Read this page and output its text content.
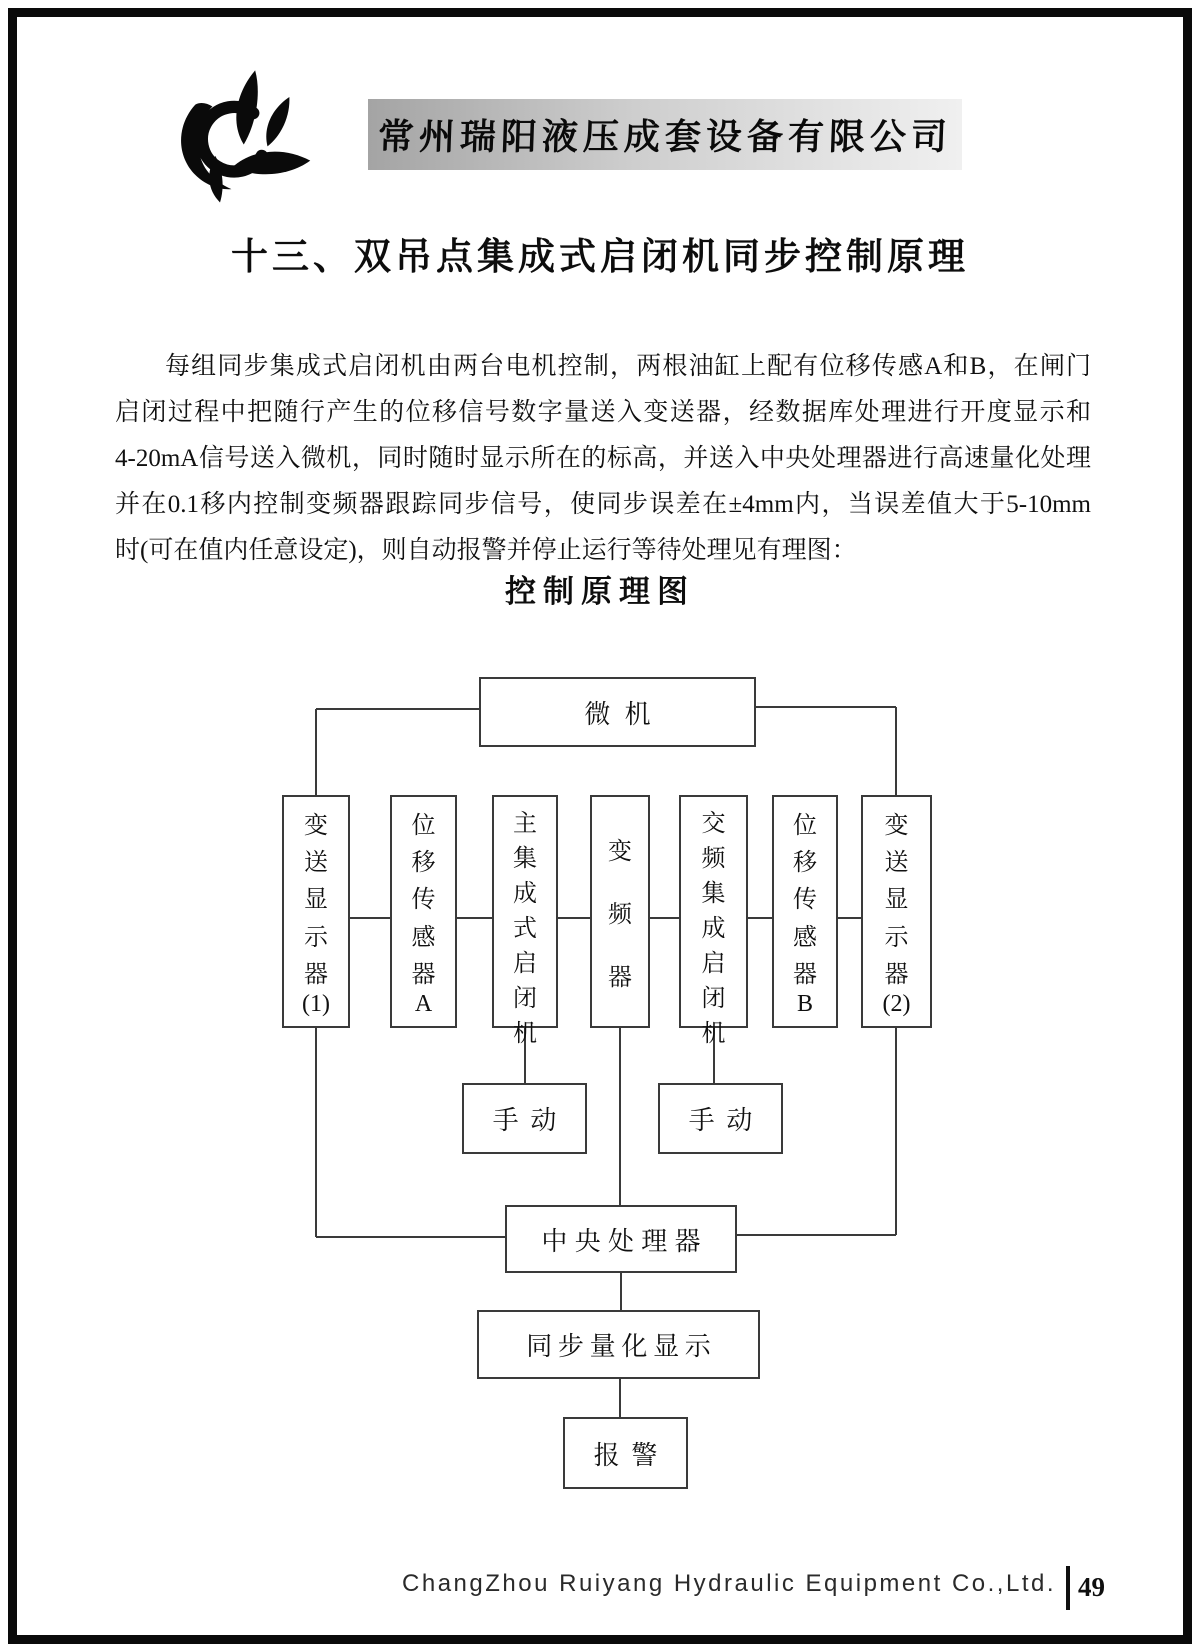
常州瑞阳液压成套设备有限公司
十三、双吊点集成式启闭机同步控制原理
每组同步集成式启闭机由两台电机控制，两根油缸上配有位移传感A和B，在闸门
启闭过程中把随行产生的位移信号数字量送入变送器，经数据库处理进行开度显示和
4-20mA信号送入微机，同时随时显示所在的标高，并送入中央处理器进行高速量化处理
并在0.1移内控制变频器跟踪同步信号，使同步误差在±4mm内，当误差值大于5-10mm
时(可在值内任意设定)，则自动报警并停止运行等待处理见有理图：
控制原理图
微机
变
送
显
示
器
(1)
位
移
传
感
器
A
主
集
成
式
启
闭
机
变
频
器
交
频
集
成
启
闭
机
位
移
传
感
器
B
变
送
显
示
器
(2)
手动	手动
中央处理器
同步量化显示
报警
ChangZhou Ruiyang Hydraulic Equipment Co.,Ltd. 49
